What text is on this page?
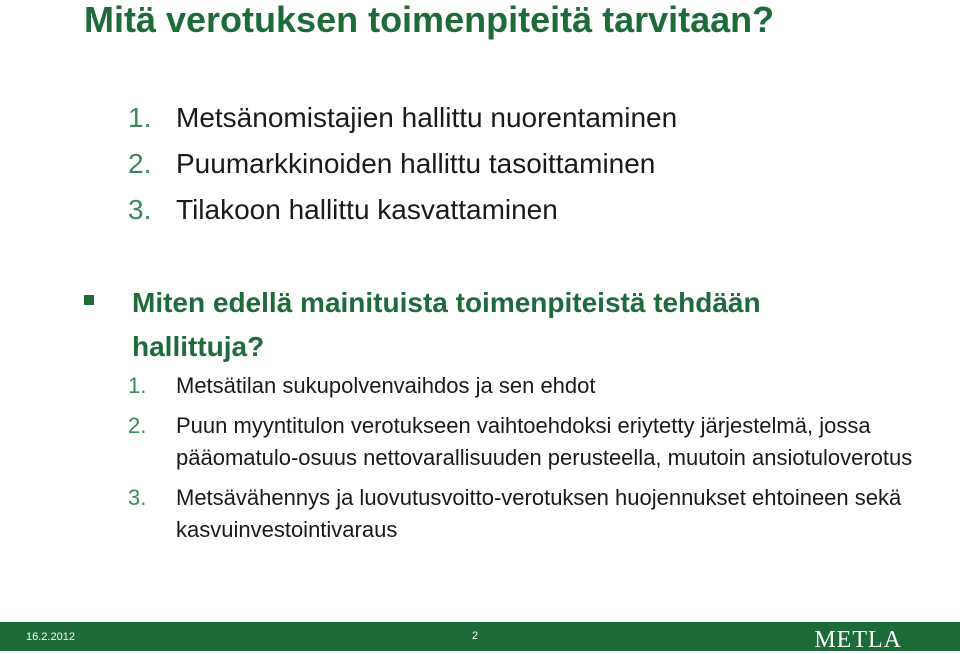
Mitä verotuksen toimenpiteitä tarvitaan?
1. Metsänomistajien hallittu nuorentaminen
2. Puumarkkinoiden hallittu tasoittaminen
3. Tilakoon hallittu kasvattaminen
Miten edellä mainituista toimenpiteistä tehdään hallittuja?
1.	Metsätilan sukupolvenvaihdos ja sen ehdot
2.	Puun myyntitulon verotukseen vaihtoehdoksi eriytetty järjestelmä, jossa pääomatulo-osuus nettovarallisuuden perusteella, muutoin ansiotuloverotus
3.	Metsävähennys ja luovutusvoitto-verotuksen huojennukset ehtoineen sekä kasvuinvestointivaraus
16.2.2012	2	METLA
